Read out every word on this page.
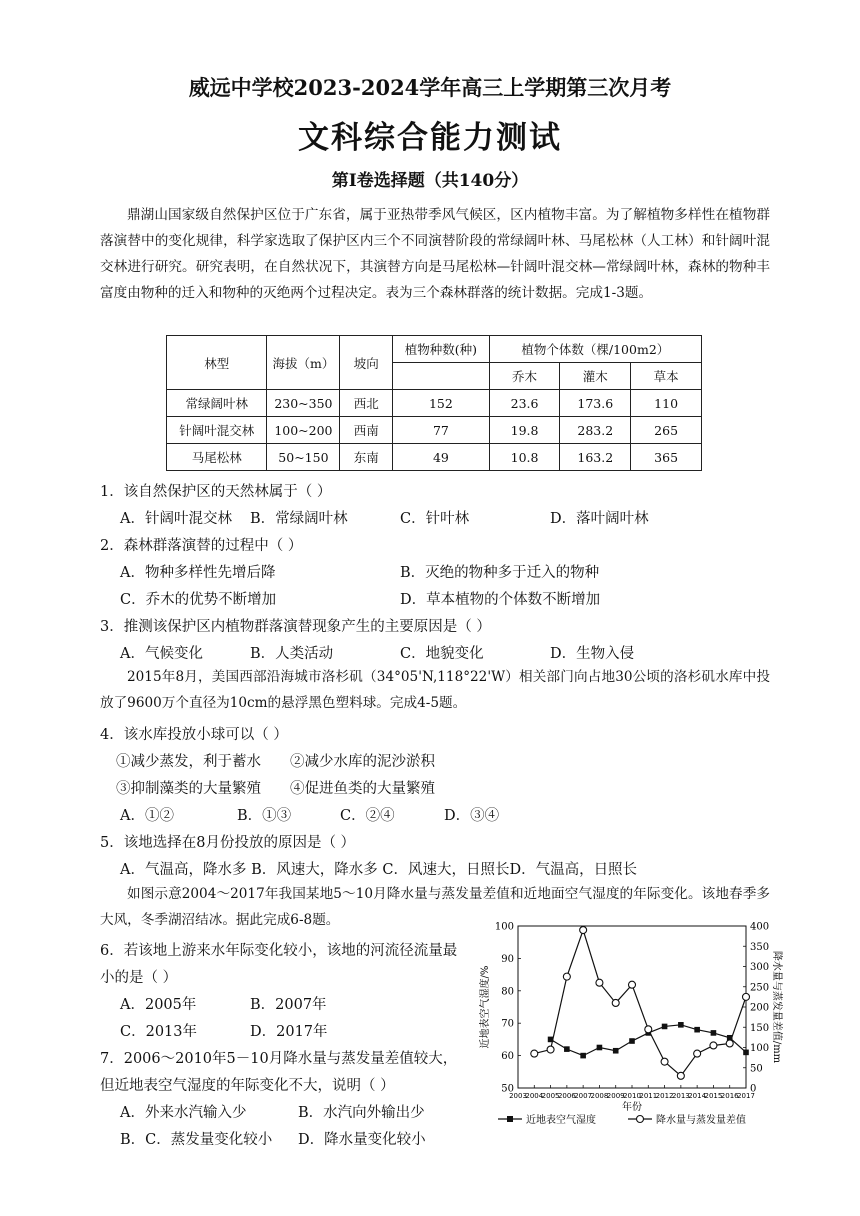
威远中学校2023-2024学年高三上学期第三次月考
文科综合能力测试
第Ⅰ卷选择题（共140分）
鼎湖山国家级自然保护区位于广东省，属于亚热带季风气候区，区内植物丰富。为了解植物多样性在植物群落演替中的变化规律，科学家选取了保护区内三个不同演替阶段的常绿阔叶林、马尾松林（人工林）和针阔叶混交林进行研究。研究表明，在自然状况下，其演替方向是马尾松林—针阔叶混交林—常绿阔叶林，森林的物种丰富度由物种的迁入和物种的灭绝两个过程决定。表为三个森林群落的统计数据。完成1-3题。
林型	海拔（m）	坡向	植物种数(种)	植物个体数（棵/100m2）		
				乔木	灌木	草本
常绿阔叶林	230~350	西北	152	23.6	173.6	110
针阔叶混交林	100~200	西南	77	19.8	283.2	265
马尾松林	50~150	东南	49	10.8	163.2	365
1．该自然保护区的天然林属于（ ）
A．针阔叶混交林 B．常绿阔叶林	C．针叶林	D．落叶阔叶林
2．森林群落演替的过程中（ ）
A．物种多样性先增后降	B．灭绝的物种多于迁入的物种
C．乔木的优势不断增加	D．草本植物的个体数不断增加
3．推测该保护区内植物群落演替现象产生的主要原因是（ ）
A．气候变化	B．人类活动	C．地貌变化	D．生物入侵
2015年8月，美国西部沿海城市洛杉矶（34°05'N,118°22'W）相关部门向占地30公顷的洛杉矶水库中投放了9600万个直径为10cm的悬浮黑色塑料球。完成4-5题。
4．该水库投放小球可以（ ）
①减少蒸发，利于蓄水 ②减少水库的泥沙淤积
③抑制藻类的大量繁殖 ④促进鱼类的大量繁殖
A．①②	B．①③	C．②④	D．③④
5．该地选择在8月份投放的原因是（ ）
A．气温高，降水多 B．风速大，降水多 C．风速大，日照长D．气温高，日照长
如图示意2004～2017年我国某地5～10月降水量与蒸发量差值和近地面空气湿度的年际变化。该地春季多大风，冬季湖沼结冰。据此完成6-8题。
6．若该地上游来水年际变化较小，该地的河流径流量最
小的是（ ）
A．2005年	B．2007年
C．2013年	D．2017年
7．2006～2010年5－10月降水量与蒸发量差值较大，
但近地表空气湿度的年际变化不大，说明（ ）
A．外来水汽输入少	B．水汽向外输出少
B．C．蒸发量变化较小 D．降水量变化较小
2003
2004
2005
2006
2007
2008
2009
2010
2011
2012
2013
2014
2015
2016
2017
50
60
70
80
90
100
0
50
100
150
200
250
300
350
400
年份
近地表空气湿度/%	降水量与蒸发量差值/mm
近地表空气湿度	降水量与蒸发量差值
